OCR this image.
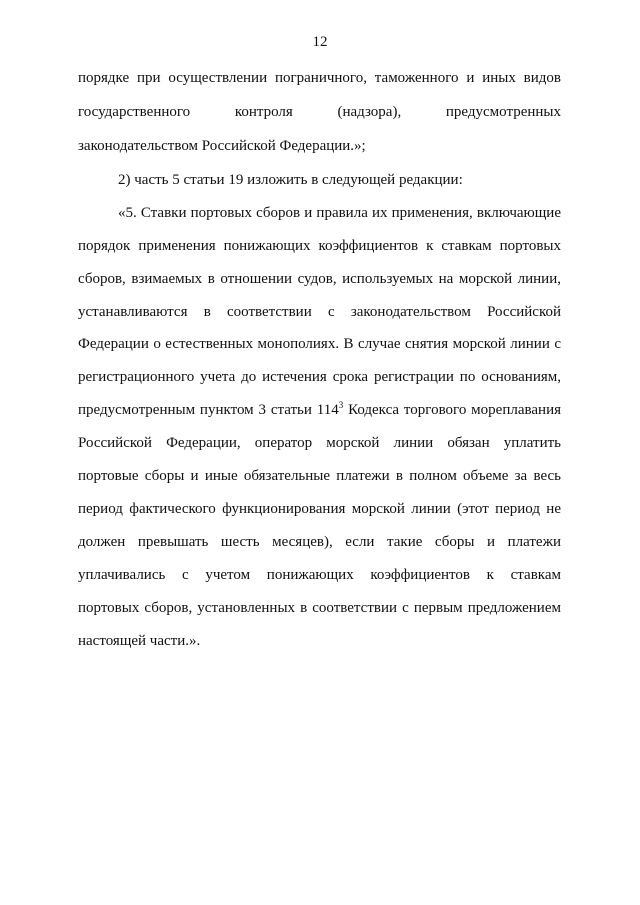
12
порядке при осуществлении пограничного, таможенного и иных видов
государственного контроля (надзора), предусмотренных
законодательством Российской Федерации.»;
2) часть 5 статьи 19 изложить в следующей редакции:
«5. Ставки портовых сборов и правила их применения, включающие
порядок применения понижающих коэффициентов к ставкам портовых
сборов, взимаемых в отношении судов, используемых на морской линии,
устанавливаются в соответствии с законодательством Российской
Федерации о естественных монополиях. В случае снятия морской линии с
регистрационного учета до истечения срока регистрации по основаниям,
предусмотренным пунктом 3 статьи $114^3$ Кодекса торгового мореплавания
Российской Федерации, оператор морской линии обязан уплатить
портовые сборы и иные обязательные платежи в полном объеме за весь
период фактического функционирования морской линии (этот период не
должен превышать шесть месяцев), если такие сборы и платежи
уплачивались с учетом понижающих коэффициентов к ставкам
портовых сборов, установленных в соответствии с первым предложением
настоящей части.».
